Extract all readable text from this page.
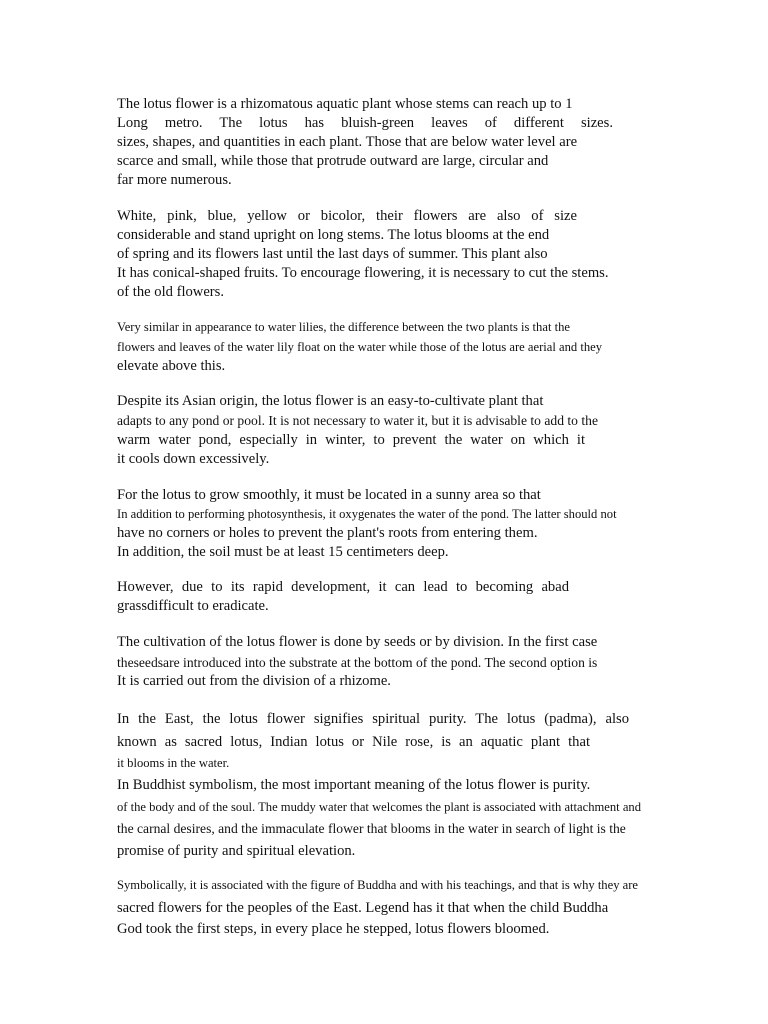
The lotus flower is a rhizomatous aquatic plant whose stems can reach up to 1
Long metro. The lotus has bluish-green leaves of different sizes.
sizes, shapes, and quantities in each plant. Those that are below water level are
scarce and small, while those that protrude outward are large, circular and
far more numerous.
White, pink, blue, yellow or bicolor, their flowers are also of size
considerable and stand upright on long stems. The lotus blooms at the end
of spring and its flowers last until the last days of summer. This plant also
It has conical-shaped fruits. To encourage flowering, it is necessary to cut the stems.
of the old flowers.
Very similar in appearance to water lilies, the difference between the two plants is that the
flowers and leaves of the water lily float on the water while those of the lotus are aerial and they
elevate above this.
Despite its Asian origin, the lotus flower is an easy-to-cultivate plant that
adapts to any pond or pool. It is not necessary to water it, but it is advisable to add to the
warm water pond, especially in winter, to prevent the water on which it
it cools down excessively.
For the lotus to grow smoothly, it must be located in a sunny area so that
In addition to performing photosynthesis, it oxygenates the water of the pond. The latter should not
have no corners or holes to prevent the plant's roots from entering them.
In addition, the soil must be at least 15 centimeters deep.
However, due to its rapid development, it can lead to becoming abad
grassdifficult to eradicate.
The cultivation of the lotus flower is done by seeds or by division. In the first case
theseedsare introduced into the substrate at the bottom of the pond. The second option is
It is carried out from the division of a rhizome.
In the East, the lotus flower signifies spiritual purity. The lotus (padma), also
known as sacred lotus, Indian lotus or Nile rose, is an aquatic plant that
it blooms in the water.
In Buddhist symbolism, the most important meaning of the lotus flower is purity.
of the body and of the soul. The muddy water that welcomes the plant is associated with attachment and
the carnal desires, and the immaculate flower that blooms in the water in search of light is the
promise of purity and spiritual elevation.
Symbolically, it is associated with the figure of Buddha and with his teachings, and that is why they are
sacred flowers for the peoples of the East. Legend has it that when the child Buddha
God took the first steps, in every place he stepped, lotus flowers bloomed.
